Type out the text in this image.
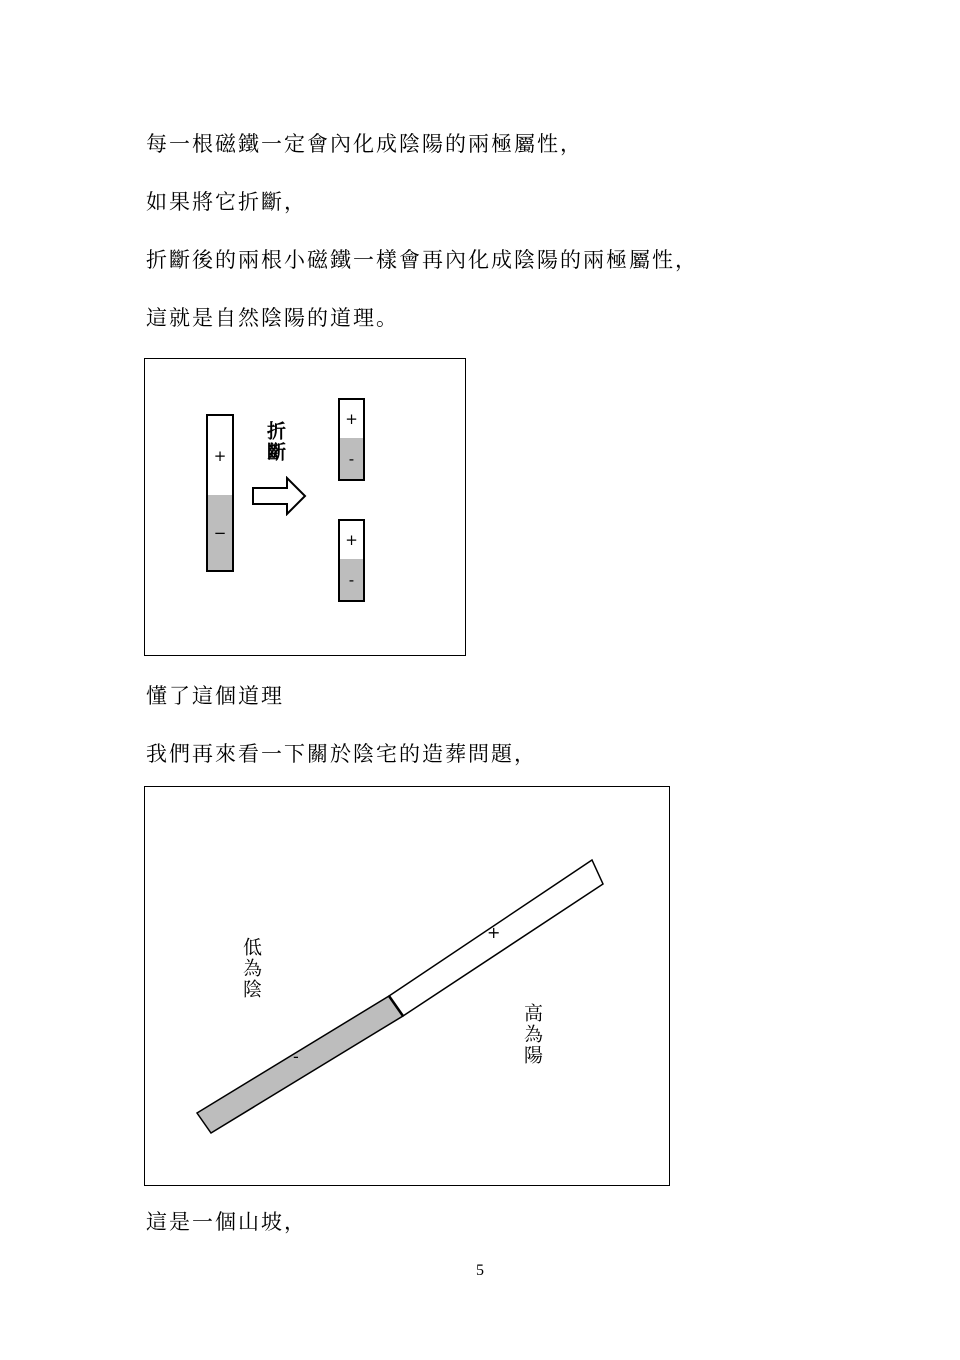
每一根磁鐵一定會內化成陰陽的兩極屬性，
如果將它折斷，
折斷後的兩根小磁鐵一樣會再內化成陰陽的兩極屬性，
這就是自然陰陽的道理。
+
−
折斷
+
-
+
-
懂了這個道理
我們再來看一下關於陰宅的造葬問題，
+
-
低為陰
高為陽
這是一個山坡，
5
